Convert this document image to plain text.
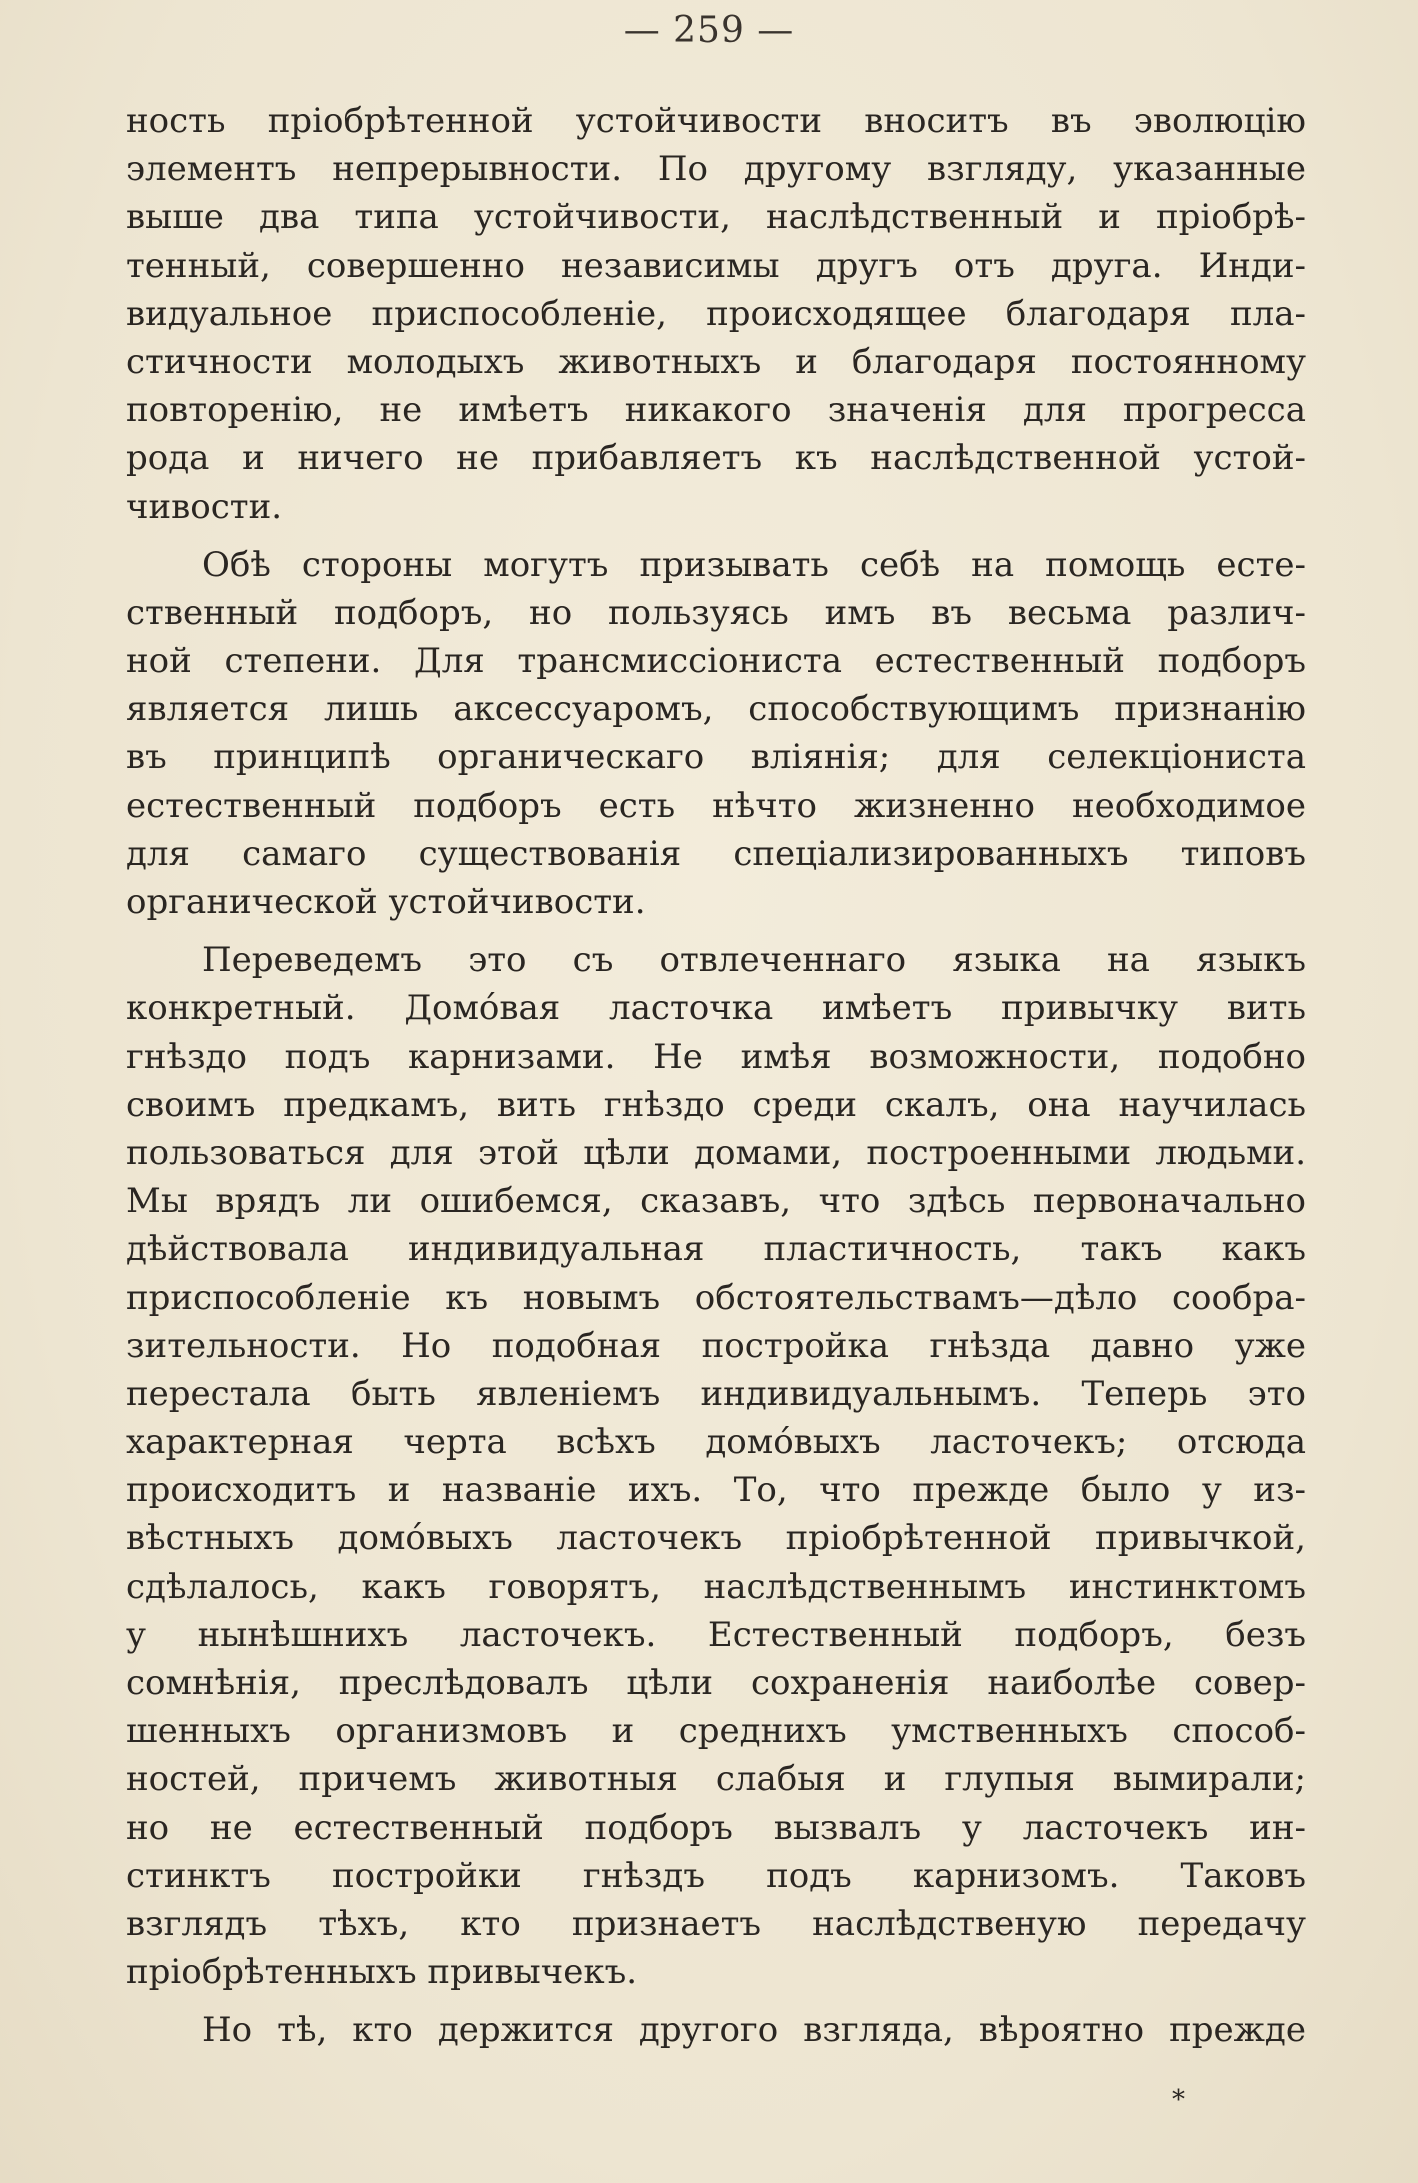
— 259 —
ность пріобрѣтенной устойчивости вноситъ въ эволюцію
элементъ непрерывности. По другому взгляду, указанные
выше два типа устойчивости, наслѣдственный и пріобрѣ-
тенный, совершенно независимы другъ отъ друга. Инди-
видуальное приспособленіе, происходящее благодаря пла-
стичности молодыхъ животныхъ и благодаря постоянному
повторенію, не имѣетъ никакого значенія для прогресса
рода и ничего не прибавляетъ къ наслѣдственной устой-
чивости.
Обѣ стороны могутъ призывать себѣ на помощь есте-
ственный подборъ, но пользуясь имъ въ весьма различ-
ной степени. Для трансмиссіониста естественный подборъ
является лишь аксессуаромъ, способствующимъ признанію
въ принципѣ органическаго вліянія; для селекціониста
естественный подборъ есть нѣчто жизненно необходимое
для самаго существованія спеціализированныхъ типовъ
органической устойчивости.
Переведемъ это съ отвлеченнаго языка на языкъ
конкретный. Домóвая ласточка имѣетъ привычку вить
гнѣздо подъ карнизами. Не имѣя возможности, подобно
своимъ предкамъ, вить гнѣздо среди скалъ, она научилась
пользоваться для этой цѣли домами, построенными людьми.
Мы врядъ ли ошибемся, сказавъ, что здѣсь первоначально
дѣйствовала индивидуальная пластичность, такъ какъ
приспособленіе къ новымъ обстоятельствамъ—дѣло сообра-
зительности. Но подобная постройка гнѣзда давно уже
перестала быть явленіемъ индивидуальнымъ. Теперь это
характерная черта всѣхъ домóвыхъ ласточекъ; отсюда
происходитъ и названіе ихъ. То, что прежде было у из-
вѣстныхъ домóвыхъ ласточекъ пріобрѣтенной привычкой,
сдѣлалось, какъ говорятъ, наслѣдственнымъ инстинктомъ
у нынѣшнихъ ласточекъ. Естественный подборъ, безъ
сомнѣнія, преслѣдовалъ цѣли сохраненія наиболѣе совер-
шенныхъ организмовъ и среднихъ умственныхъ способ-
ностей, причемъ животныя слабыя и глупыя вымирали;
но не естественный подборъ вызвалъ у ласточекъ ин-
стинктъ постройки гнѣздъ подъ карнизомъ. Таковъ
взглядъ тѣхъ, кто признаетъ наслѣдственую передачу
пріобрѣтенныхъ привычекъ.
Но тѣ, кто держится другого взгляда, вѣроятно прежде
*
